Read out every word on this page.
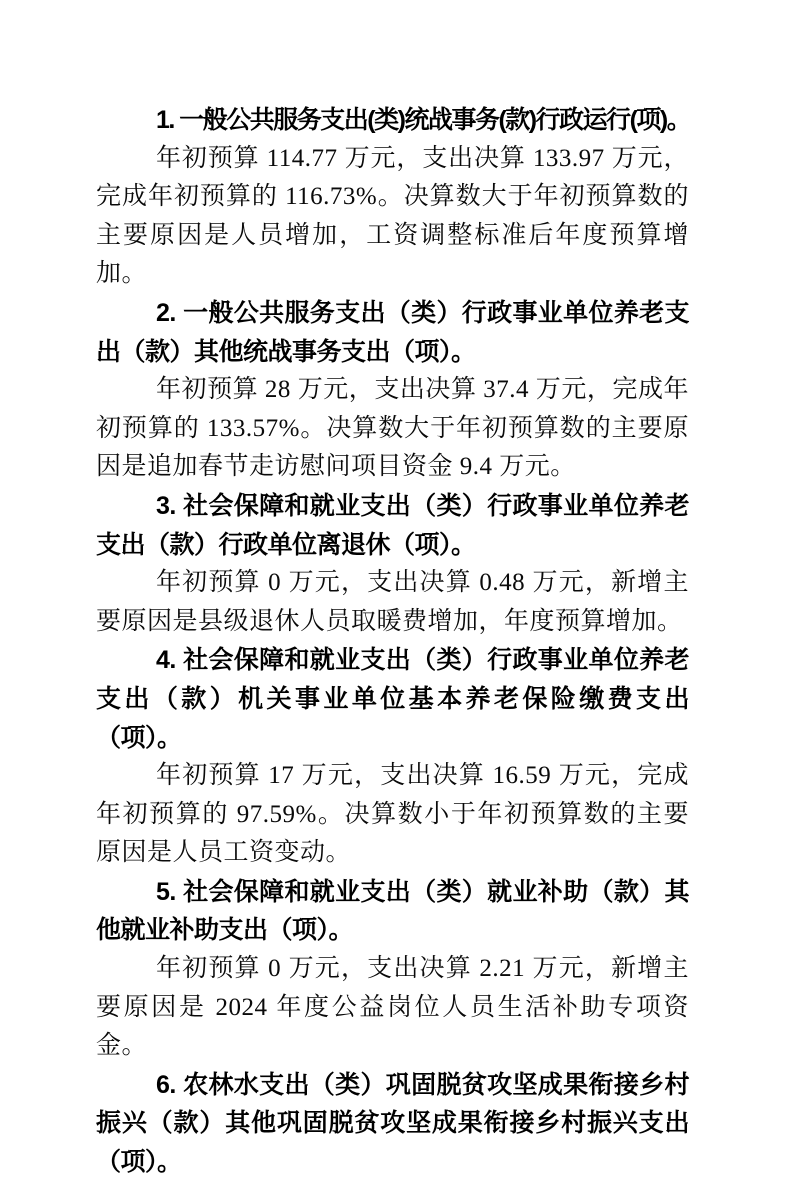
1. 一般公共服务支出(类)统战事务(款)行政运行(项)。

年初预算 114.77 万元，支出决算 133.97 万元，完成年初预算的 116.73%。决算数大于年初预算数的主要原因是人员增加，工资调整标准后年度预算增加。

2. 一般公共服务支出（类）行政事业单位养老支出（款）其他统战事务支出（项）。

年初预算 28 万元，支出决算 37.4 万元，完成年初预算的 133.57%。决算数大于年初预算数的主要原因是追加春节走访慰问项目资金 9.4 万元。

3. 社会保障和就业支出（类）行政事业单位养老支出（款）行政单位离退休（项）。

年初预算 0 万元，支出决算 0.48 万元，新增主要原因是县级退休人员取暖费增加，年度预算增加。

4. 社会保障和就业支出（类）行政事业单位养老支出（款）机关事业单位基本养老保险缴费支出（项）。

年初预算 17 万元，支出决算 16.59 万元，完成年初预算的 97.59%。决算数小于年初预算数的主要原因是人员工资变动。

5. 社会保障和就业支出（类）就业补助（款）其他就业补助支出（项）。

年初预算 0 万元，支出决算 2.21 万元，新增主要原因是 2024 年度公益岗位人员生活补助专项资金。

6. 农林水支出（类）巩固脱贫攻坚成果衔接乡村振兴（款）其他巩固脱贫攻坚成果衔接乡村振兴支出（项）。
